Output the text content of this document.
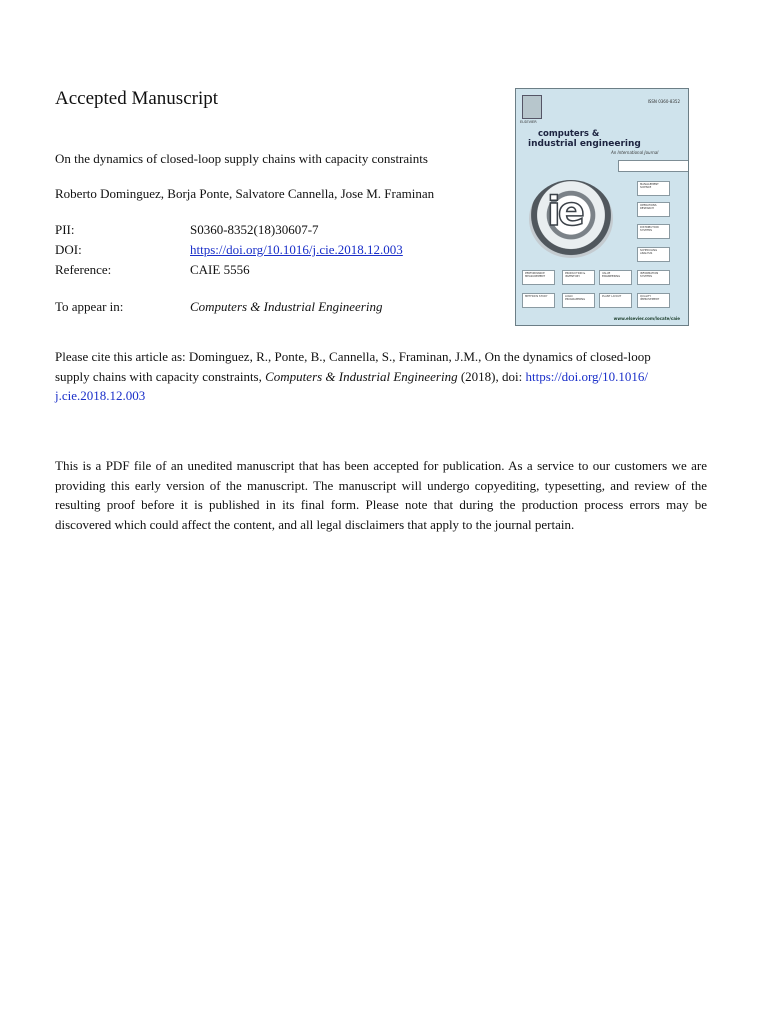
Accepted Manuscript
On the dynamics of closed-loop supply chains with capacity constraints
Roberto Dominguez, Borja Ponte, Salvatore Cannella, Jose M. Framinan
PII:	S0360-8352(18)30607-7
DOI:	https://doi.org/10.1016/j.cie.2018.12.003
Reference:	CAIE 5556
To appear in:	Computers & Industrial Engineering
Please cite this article as: Dominguez, R., Ponte, B., Cannella, S., Framinan, J.M., On the dynamics of closed-loop
supply chains with capacity constraints, Computers & Industrial Engineering (2018), doi: https://doi.org/10.1016/
j.cie.2018.12.003
This is a PDF file of an unedited manuscript that has been accepted for publication. As a service to our customers we are providing this early version of the manuscript. The manuscript will undergo copyediting, typesetting, and review of the resulting proof before it is published in its final form. Please note that during the production process errors may be discovered which could affect the content, and all legal disclaimers that apply to the journal pertain.
ELSEVIER
ISSN 0360-8352
computers &
industrial engineering
An International Journal
ie
MANAGEMENT SCIENCE
OPERATIONS RESEARCH
DISTRIBUTION SYSTEMS
SCHEDULING ANALYSIS
PERFORMANCE MEASUREMENT
PRODUCTION & INVENTORY
VALUE ENGINEERING
INFORMATION SYSTEMS
METHODS STUDY	LOGIC PROGRAMMING
PLANT LAYOUT	QUALITY IMPROVEMENT
www.elsevier.com/locate/caie
